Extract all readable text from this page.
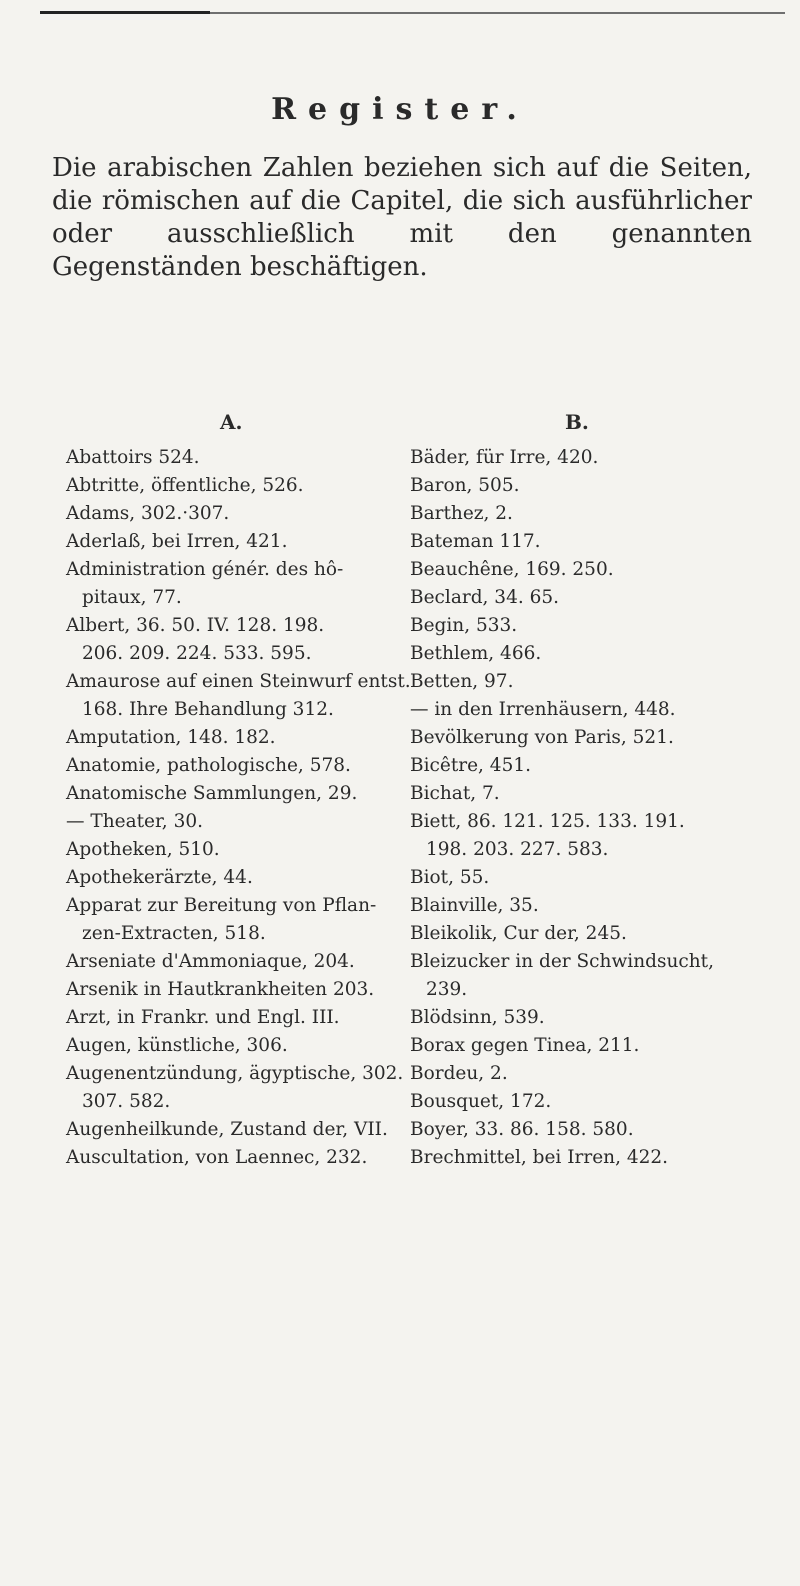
Register.
Die arabischen Zahlen beziehen sich auf die Seiten, die römischen auf die Capitel, die sich ausführlicher oder ausschließlich mit den genannten Gegenständen beschäftigen.
A.	B.
Abattoirs 524.
Abtritte, öffentliche, 526.
Adams, 302.·307.
Aderlaß, bei Irren, 421.
Administration génér. des hô-
pitaux, 77.
Albert, 36. 50. IV. 128. 198.
206. 209. 224. 533. 595.
Amaurose auf einen Steinwurf entst.
168. Ihre Behandlung 312.
Amputation, 148. 182.
Anatomie, pathologische, 578.
Anatomische Sammlungen, 29.
— Theater, 30.
Apotheken, 510.
Apothekerärzte, 44.
Apparat zur Bereitung von Pflan-
zen-Extracten, 518.
Arseniate d'Ammoniaque, 204.
Arsenik in Hautkrankheiten 203.
Arzt, in Frankr. und Engl. III.
Augen, künstliche, 306.
Augenentzündung, ägyptische, 302.
307. 582.
Augenheilkunde, Zustand der, VII.
Auscultation, von Laennec, 232.
Bäder, für Irre, 420.
Baron, 505.
Barthez, 2.
Bateman 117.
Beauchêne, 169. 250.
Beclard, 34. 65.
Begin, 533.
Bethlem, 466.
Betten, 97.
— in den Irrenhäusern, 448.
Bevölkerung von Paris, 521.
Bicêtre, 451.
Bichat, 7.
Biett, 86. 121. 125. 133. 191.
198. 203. 227. 583.
Biot, 55.
Blainville, 35.
Bleikolik, Cur der, 245.
Bleizucker in der Schwindsucht,
239.
Blödsinn, 539.
Borax gegen Tinea, 211.
Bordeu, 2.
Bousquet, 172.
Boyer, 33. 86. 158. 580.
Brechmittel, bei Irren, 422.
